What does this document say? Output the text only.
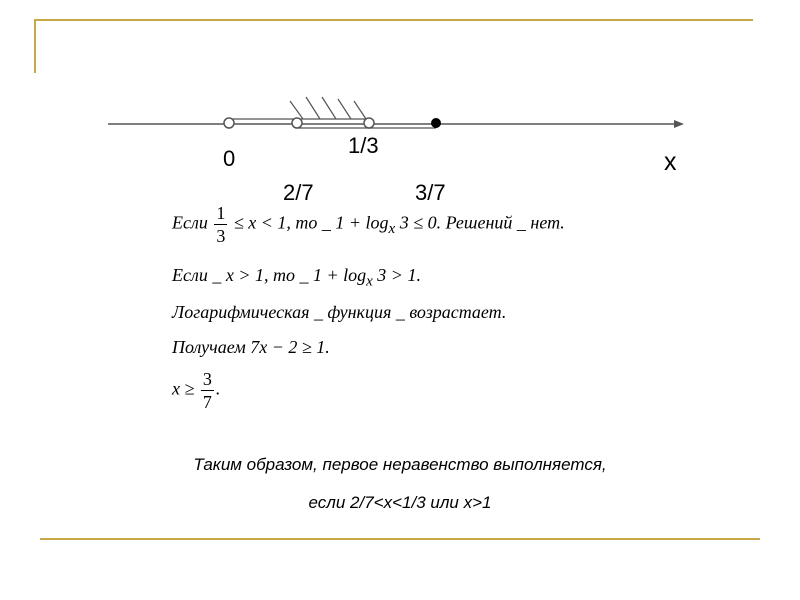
0
1/3
2/7	3/7
x
Если $\frac{1}{3} \le x < 1$, то _ $1 + \log_x 3 \le 0$. Решений _ нет.
Если _ x > 1, то _ $1 + \log_x 3 > 1$.
Логарифмическая _ функция _ возрастает.
Получаем 7x − 2 ≥ 1.
$x \ge \frac{3}{7}$ .
Таким образом, первое неравенство выполняется,
если 2/7<x<1/3 или x>1
